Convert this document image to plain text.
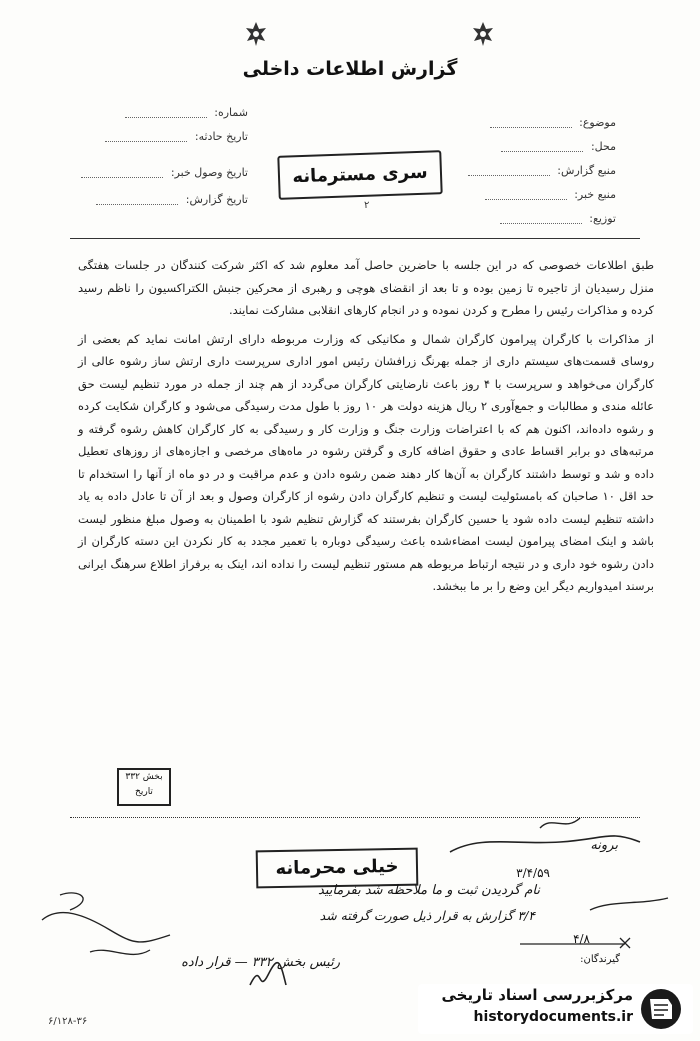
گزارش اطلاعات داخلی
موضوع:
محل:
منبع گزارش:
منبع خبر:
توزیع:
شماره:
تاریخ حادثه:
تاریخ وصول خبر:
تاریخ گزارش:
سری مسترمانه
۲

طبق اطلاعات خصوصی که در این جلسه با حاضرین حاصل آمد معلوم شد که اکثر شرکت کنندگان در جلسات هفتگی منزل رسیدیان از تاجیره تا زمین بوده و تا بعد از انقضای هوچی و رهبری از محرکین جنبش الکتراکسیون را ناظم رسید کرده و مذاکرات رئیس را مطرح و کردن نموده و در انجام کارهای انقلابی مشارکت نمایند.

از مذاکرات با کارگران پیرامون کارگران شمال و مکانیکی که وزارت مربوطه دارای ارتش امانت نماید کم بعضی از روسای قسمت‌های سیستم داری از جمله بهرنگ زرافشان رئیس امور اداری سرپرست داری ارتش ساز رشوه عالی از کارگران می‌خواهد و سرپرست با ۴ روز باعث نارضایتی کارگران می‌گردد از هم چند از جمله در مورد تنظیم لیست حق عائله مندی و مطالبات و جمع‌آوری ۲ ریال هزینه دولت هر ۱۰ روز با طول مدت رسیدگی می‌شود و کارگران شکایت کرده و رشوه داده‌اند، اکنون هم که با اعتراضات وزارت جنگ و وزارت کار و رسیدگی به کار کارگران کاهش رشوه گرفته و مرتبه‌های دو برابر اقساط عادی و حقوق اضافه کاری و گرفتن رشوه در ماه‌های مرخصی و اجازه‌های از روزهای تعطیل داده و شد و توسط داشتند کارگران به آن‌ها کار دهند ضمن رشوه دادن و عدم مراقبت و در دو ماه از آنها را استخدام تا حد اقل ۱۰ صاحبان که بامسئولیت لیست و تنظیم کارگران دادن رشوه از کارگران وصول و بعد از آن تا عادل داده به یاد داشته تنظیم لیست داده شود یا حسین کارگران بفرستند که گزارش تنظیم شود با اطمینان به وصول مبلغ منظور لیست باشد و اینک امضای پیرامون لیست امضاءشده باعث رسیدگی دوباره با تعمیر مجدد به کار نکردن این دسته کارگران از دادن رشوه خود داری و در نتیجه ارتباط مربوطه هم مستور تنظیم لیست را نداده اند، اینک به برفراز اطلاع سرهنگ ایرانی برسند امیدواریم دیگر این وضع را بر ما ببخشد.

بخش ۳۳۲
تاریخ
خیلی محرمانه
برونه
۳/۴/۵۹
نام گردیدن ثبت و ما ملاحظه شد بفرمایید
۳/۴ گزارش به قرار ذیل صورت گرفته شد
۴/۸
گیرندگان:
رئیس بخش ۳۳۲ — قرار داده
۶/۱۲۸-۳۶
مرکزبررسی اسناد تاریخی
historydocuments.ir
